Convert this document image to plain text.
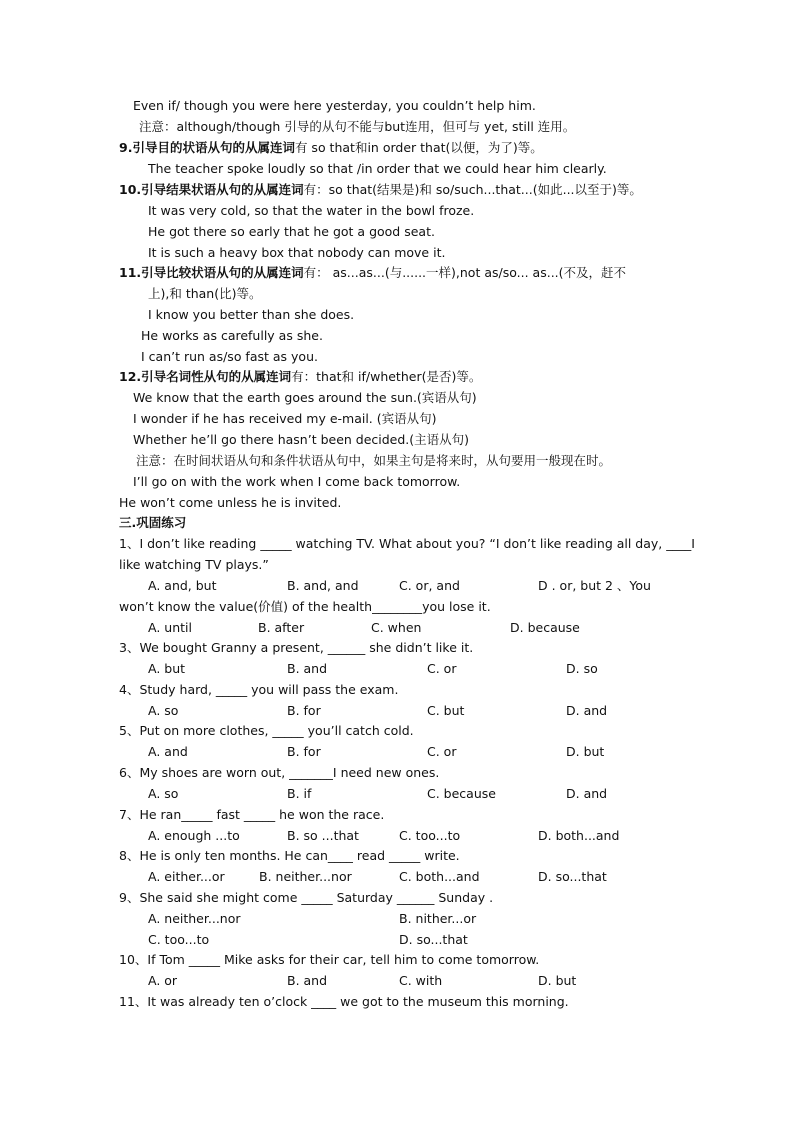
Even if/ though you were here yesterday, you couldn’t help him.
注意：although/though 引导的从句不能与but连用，但可与 yet, still 连用。
9.引导目的状语从句的从属连词有 so that和in order that(以便，为了)等。
The teacher spoke loudly so that /in order that we could hear him clearly.
10.引导结果状语从句的从属连词有：so that(结果是)和 so/such...that...(如此...以至于)等。
It was very cold, so that the water in the bowl froze.
He got there so early that he got a good seat.
It is such a heavy box that nobody can move it.
11.引导比较状语从句的从属连词有： as...as...(与......一样),not as/so... as...(不及，赶不
上),和 than(比)等。
I know you better than she does.
He works as carefully as she.
I can’t run as/so fast as you.
12.引导名词性从句的从属连词有：that和 if/whether(是否)等。
We know that the earth goes around the sun.(宾语从句)
I wonder if he has received my e-mail. (宾语从句)
Whether he’ll go there hasn’t been decided.(主语从句)
注意：在时间状语从句和条件状语从句中，如果主句是将来时，从句要用一般现在时。
I’ll go on with the work when I come back tomorrow.
He won’t come unless he is invited.
三.巩固练习
1、I don’t like reading _____ watching TV. What about you? “I don’t like reading all day, ____I
like watching TV plays.”
A. and, but	B. and, and	C. or, and	D . or, but 2 、You
won’t know the value(价值) of the health________you lose it.
A. until	B. after	C. when	D. because
3、We bought Granny a present, ______ she didn’t like it.
A. but	B. and	C. or	D. so
4、Study hard, _____ you will pass the exam.
A. so	B. for	C. but	D. and
5、Put on more clothes, _____ you’ll catch cold.
A. and	B. for	C. or	D. but
6、My shoes are worn out, _______I need new ones.
A. so	B. if	C. because	D. and
7、He ran_____ fast _____ he won the race.
A. enough ...to	B. so ...that	C. too...to	D. both...and
8、He is only ten months. He can____ read _____ write.
A. either...or	B. neither...nor	C. both...and	D. so...that
9、She said she might come _____ Saturday ______ Sunday .
A. neither...nor	B. nither...or
C. too...to	D. so...that
10、If Tom _____ Mike asks for their car, tell him to come tomorrow.
A. or	B. and	C. with	D. but
11、It was already ten o’clock ____ we got to the museum this morning.
